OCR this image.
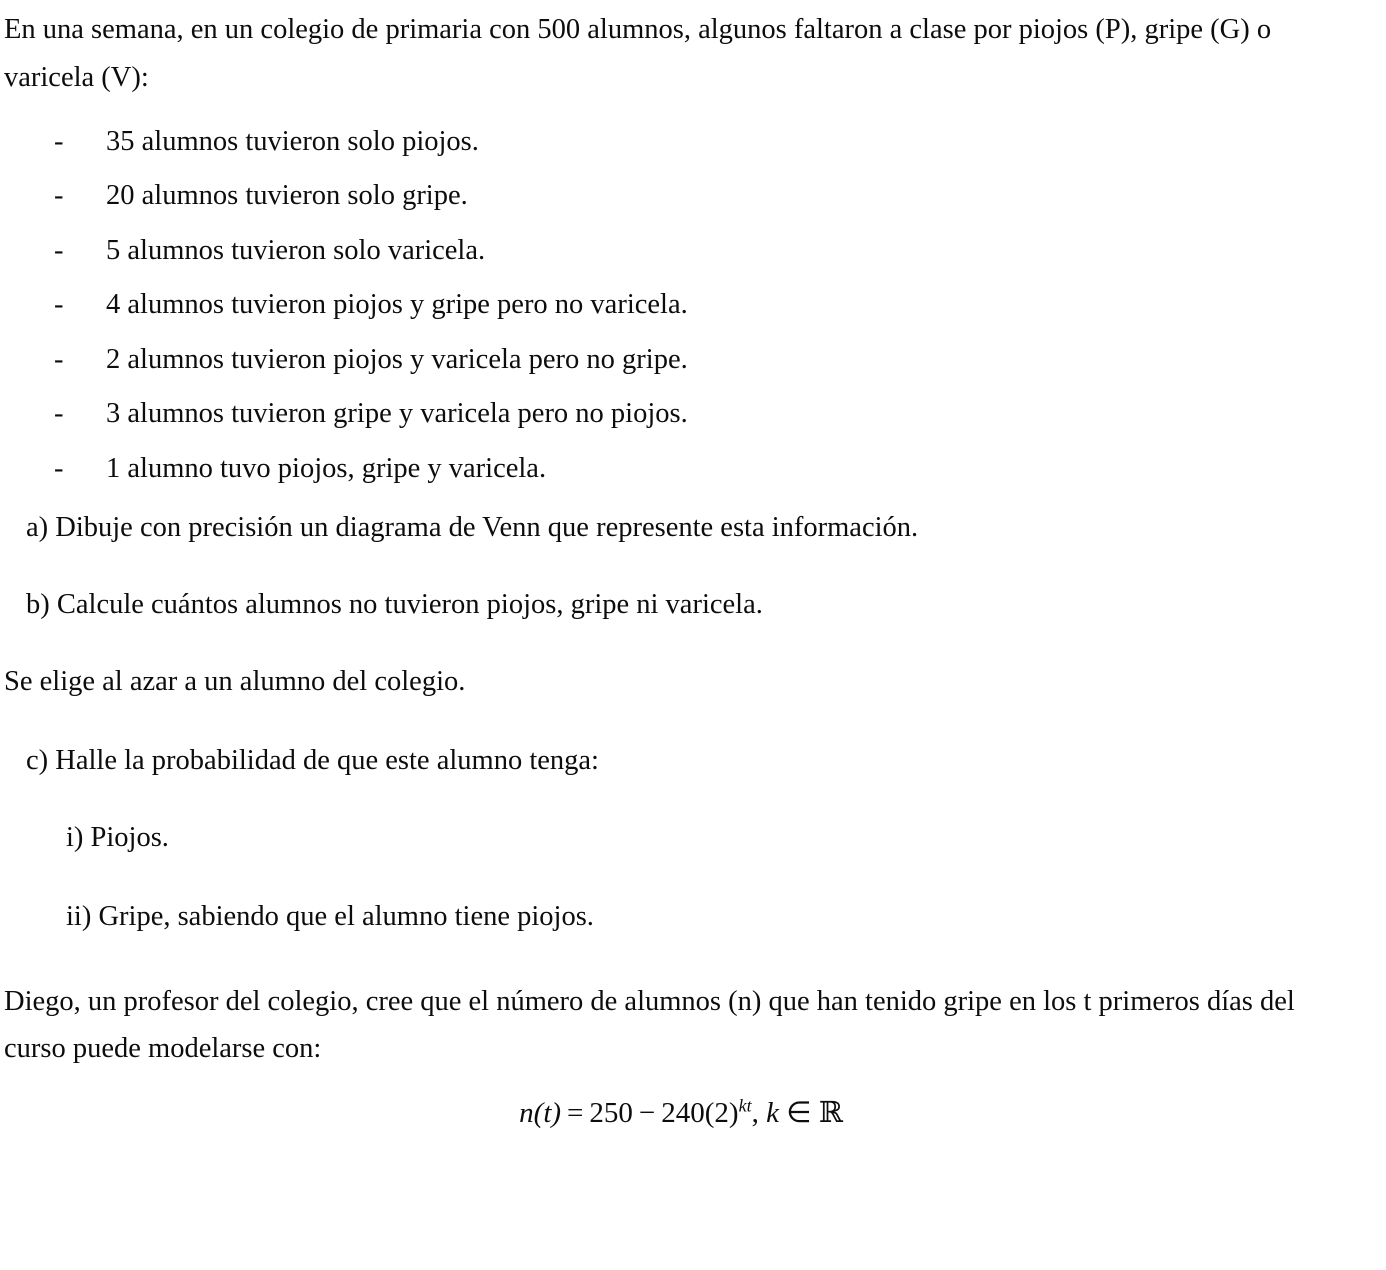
En una semana, en un colegio de primaria con 500 alumnos, algunos faltaron a clase por piojos (P), gripe (G) o varicela (V):

-	35 alumnos tuvieron solo piojos.
-	20 alumnos tuvieron solo gripe.
-	5 alumnos tuvieron solo varicela.
-	4 alumnos tuvieron piojos y gripe pero no varicela.
-	2 alumnos tuvieron piojos y varicela pero no gripe.
-	3 alumnos tuvieron gripe y varicela pero no piojos.
-	1 alumno tuvo piojos, gripe y varicela.

a) Dibuje con precisión un diagrama de Venn que represente esta información.

b) Calcule cuántos alumnos no tuvieron piojos, gripe ni varicela.

Se elige al azar a un alumno del colegio.

c) Halle la probabilidad de que este alumno tenga:

i) Piojos.

ii) Gripe, sabiendo que el alumno tiene piojos.

Diego, un profesor del colegio, cree que el número de alumnos (n) que han tenido gripe en los t primeros días del curso puede modelarse con:

$n(t) = 250 - 240(2)^{kt}$, k ∈ ℝ
